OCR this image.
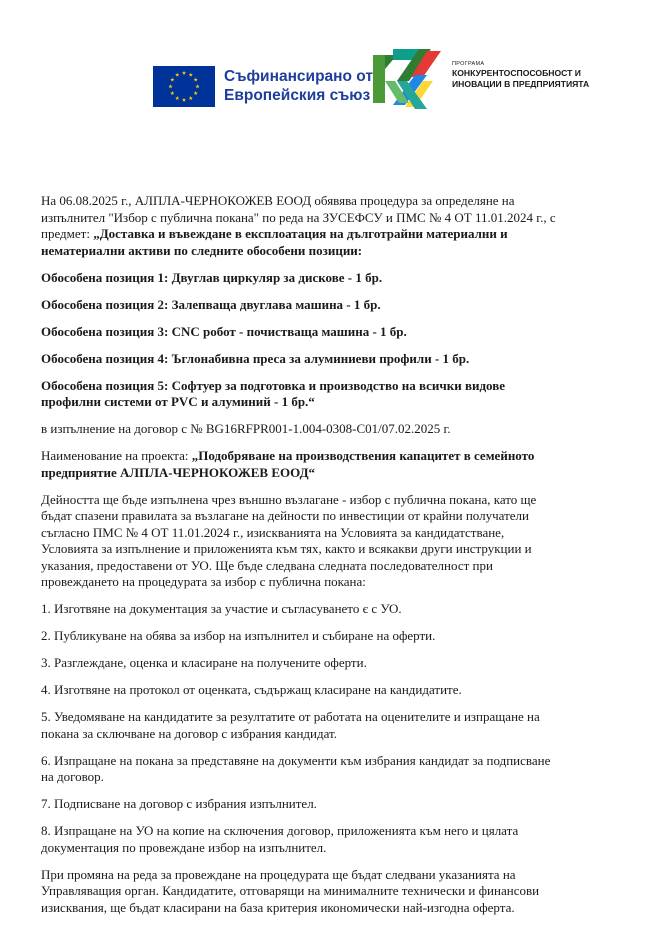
Съфинансирано от
Европейския съюз
ПРОГРАМА
КОНКУРЕНТОСПОСОБНОСТ И
ИНОВАЦИИ В ПРЕДПРИЯТИЯТА

На 06.08.2025 г., АЛПЛА-ЧЕРНОКОЖЕВ ЕООД обявява процедура за определяне на изпълнител "Избор с публична покана" по реда на ЗУСЕФСУ и ПМС № 4 ОТ 11.01.2024 г., с предмет: „Доставка и въвеждане в експлоатация на дълготрайни материални и нематериални активи по следните обособени позиции:

Обособена позиция 1: Двуглав циркуляр за дискове - 1 бр.

Обособена позиция 2: Залепваща двуглава машина - 1 бр.

Обособена позиция 3: CNC робот - почистваща машина - 1 бр.

Обособена позиция 4: Ъглонабивна преса за алуминиеви профили - 1 бр.

Обособена позиция 5: Софтуер за подготовка и производство на всички видове профилни системи от PVC и алуминий - 1 бр.“

в изпълнение на договор с № BG16RFPR001-1.004-0308-C01/07.02.2025 г.

Наименование на проекта: „Подобряване на производствения капацитет в семейното предприятие АЛПЛА-ЧЕРНОКОЖЕВ ЕООД“

Дейността ще бъде изпълнена чрез външно възлагане - избор с публична покана, като ще бъдат спазени правилата за възлагане на дейности по инвестиции от крайни получатели съгласно ПМС № 4 ОТ 11.01.2024 г., изискванията на Условията за кандидатстване, Условията за изпълнение и приложенията към тях, както и всякакви други инструкции и указания, предоставени от УО. Ще бъде следвана следната последователност при провеждането на процедурата за избор с публична покана:

1. Изготвяне на документация за участие и съгласуването є с УО.

2. Публикуване на обява за избор на изпълнител и събиране на оферти.

3. Разглеждане, оценка и класиране на получените оферти.

4. Изготвяне на протокол от оценката, съдържащ класиране на кандидатите.

5. Уведомяване на кандидатите за резултатите от работата на оценителите и изпращане на покана за сключване на договор с избрания кандидат.

6. Изпращане на покана за представяне на документи към избрания кандидат за подписване на договор.

7. Подписване на договор с избрания изпълнител.

8. Изпращане на УО на копие на сключения договор, приложенията към него и цялата документация по провеждане избор на изпълнител.

При промяна на реда за провеждане на процедурата ще бъдат следвани указанията на Управляващия орган. Кандидатите, отговарящи на минималните технически и финансови изисквания, ще бъдат класирани на база критерия икономически най-изгодна оферта.
